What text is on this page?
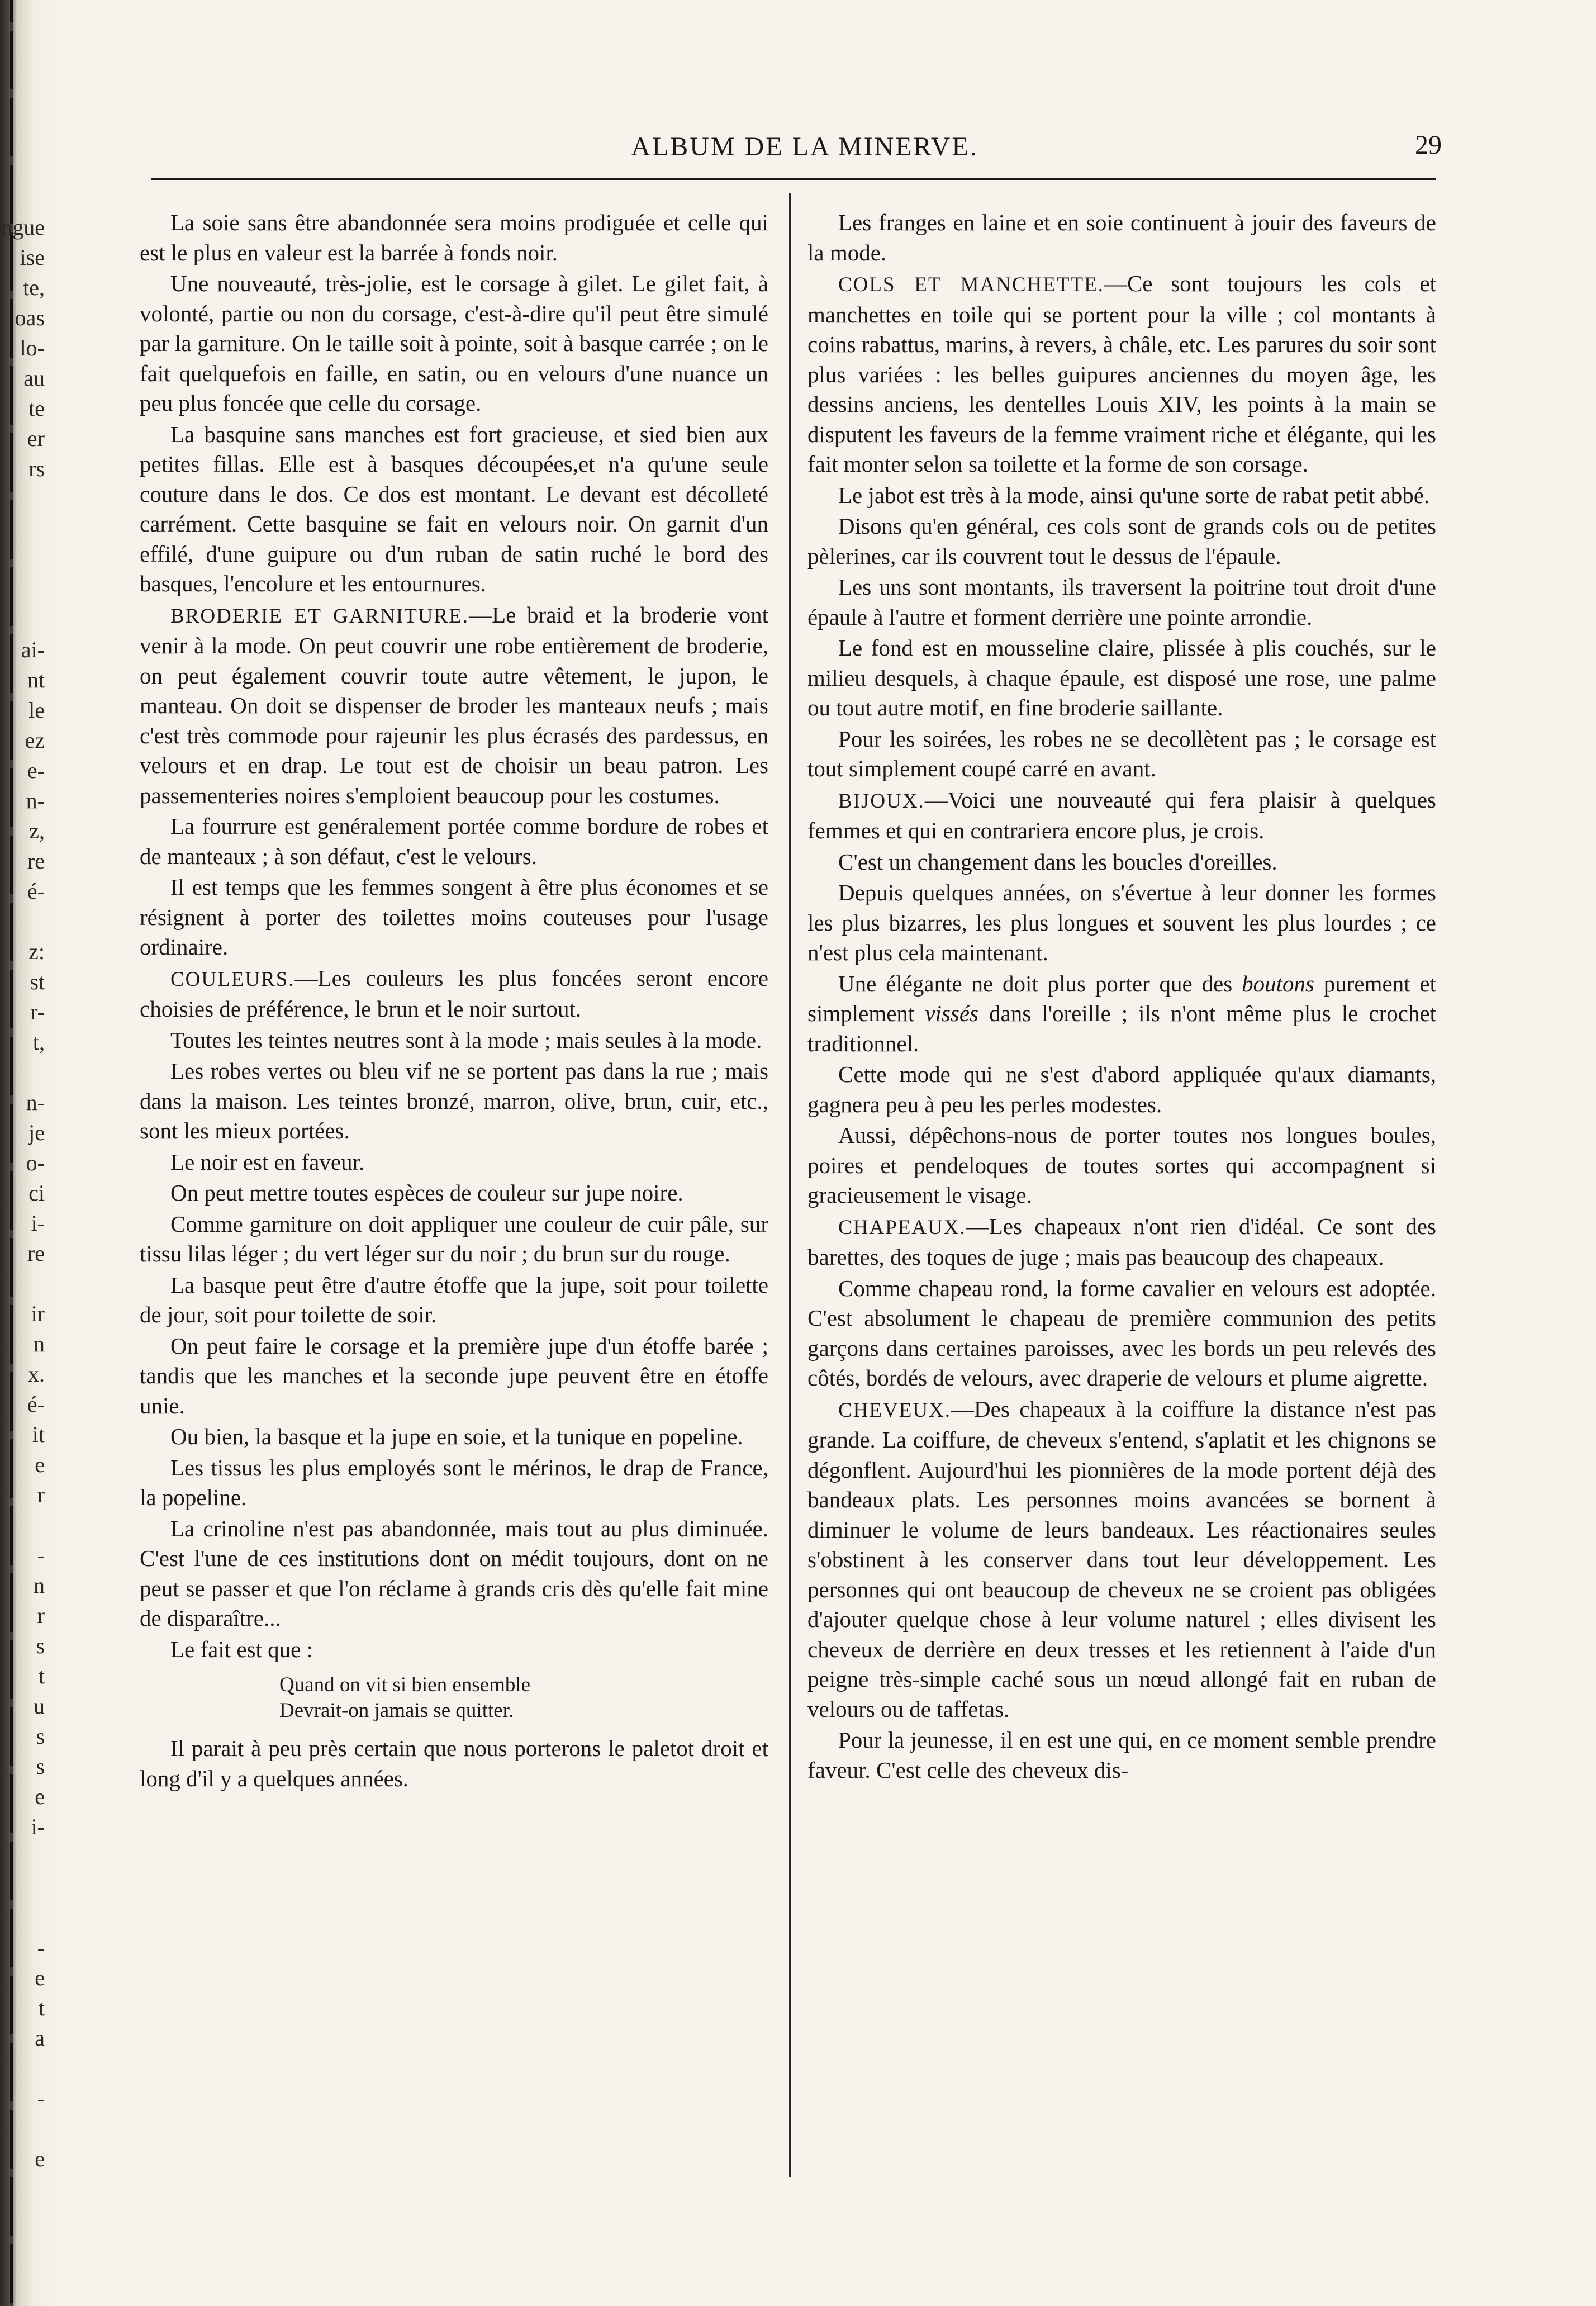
ngue
ise
te,
oas
lo-
au
te
er
rs
ai-
nt
le
ez
e-
n-
z,
re
é-
z:
st
r-
t,
n-
je
o-
ci
i-
re
ir
n
x.
é-
it
e
r
-
n
r
s
t
u
s
s
e
i-
-
e
t
a
-
e
ALBUM DE LA MINERVE.	29

La soie sans être abandonnée sera moins prodiguée et celle qui est le plus en valeur est la barrée à fonds noir.

Une nouveauté, très-jolie, est le corsage à gilet. Le gilet fait, à volonté, partie ou non du corsage, c'est-à-dire qu'il peut être simulé par la garniture. On le taille soit à pointe, soit à basque carrée ; on le fait quelquefois en faille, en satin, ou en velours d'une nuance un peu plus foncée que celle du corsage.

La basquine sans manches est fort gracieuse, et sied bien aux petites fillas. Elle est à basques découpées,et n'a qu'une seule couture dans le dos. Ce dos est montant. Le devant est décolleté carrément. Cette basquine se fait en velours noir. On garnit d'un effilé, d'une guipure ou d'un ruban de satin ruché le bord des basques, l'encolure et les entournures.

BRODERIE ET GARNITURE.—Le braid et la broderie vont venir à la mode. On peut couvrir une robe entièrement de broderie, on peut également couvrir toute autre vêtement, le jupon, le manteau. On doit se dispenser de broder les manteaux neufs ; mais c'est très commode pour rajeunir les plus écrasés des pardessus, en velours et en drap. Le tout est de choisir un beau patron. Les passementeries noires s'emploient beaucoup pour les costumes.

La fourrure est genéralement portée comme bordure de robes et de manteaux ; à son défaut, c'est le velours.

Il est temps que les femmes songent à être plus économes et se résignent à porter des toilettes moins couteuses pour l'usage ordinaire.

COULEURS.—Les couleurs les plus foncées seront encore choisies de préférence, le brun et le noir surtout.

Toutes les teintes neutres sont à la mode ; mais seules à la mode.

Les robes vertes ou bleu vif ne se portent pas dans la rue ; mais dans la maison. Les teintes bronzé, marron, olive, brun, cuir, etc., sont les mieux portées.

Le noir est en faveur.

On peut mettre toutes espèces de couleur sur jupe noire.

Comme garniture on doit appliquer une couleur de cuir pâle, sur tissu lilas léger ; du vert léger sur du noir ; du brun sur du rouge.

La basque peut être d'autre étoffe que la jupe, soit pour toilette de jour, soit pour toilette de soir.

On peut faire le corsage et la première jupe d'un étoffe barée ; tandis que les manches et la seconde jupe peuvent être en étoffe unie.

Ou bien, la basque et la jupe en soie, et la tunique en popeline.

Les tissus les plus employés sont le mérinos, le drap de France, la popeline.

La crinoline n'est pas abandonnée, mais tout au plus diminuée. C'est l'une de ces institutions dont on médit toujours, dont on ne peut se passer et que l'on réclame à grands cris dès qu'elle fait mine de disparaître...

Le fait est que :

Quand on vit si bien ensemble
Devrait-on jamais se quitter.

Il parait à peu près certain que nous porterons le paletot droit et long d'il y a quelques années.

Les franges en laine et en soie continuent à jouir des faveurs de la mode.

COLS ET MANCHETTE.—Ce sont toujours les cols et manchettes en toile qui se portent pour la ville ; col montants à coins rabattus, marins, à revers, à châle, etc. Les parures du soir sont plus variées : les belles guipures anciennes du moyen âge, les dessins anciens, les dentelles Louis XIV, les points à la main se disputent les faveurs de la femme vraiment riche et élégante, qui les fait monter selon sa toilette et la forme de son corsage.

Le jabot est très à la mode, ainsi qu'une sorte de rabat petit abbé.

Disons qu'en général, ces cols sont de grands cols ou de petites pèlerines, car ils couvrent tout le dessus de l'épaule.

Les uns sont montants, ils traversent la poitrine tout droit d'une épaule à l'autre et forment derrière une pointe arrondie.

Le fond est en mousseline claire, plissée à plis couchés, sur le milieu desquels, à chaque épaule, est disposé une rose, une palme ou tout autre motif, en fine broderie saillante.

Pour les soirées, les robes ne se decollètent pas ; le corsage est tout simplement coupé carré en avant.

BIJOUX.—Voici une nouveauté qui fera plaisir à quelques femmes et qui en contrariera encore plus, je crois.

C'est un changement dans les boucles d'oreilles.

Depuis quelques années, on s'évertue à leur donner les formes les plus bizarres, les plus longues et souvent les plus lourdes ; ce n'est plus cela maintenant.

Une élégante ne doit plus porter que des boutons purement et simplement vissés dans l'oreille ; ils n'ont même plus le crochet traditionnel.

Cette mode qui ne s'est d'abord appliquée qu'aux diamants, gagnera peu à peu les perles modestes.

Aussi, dépêchons-nous de porter toutes nos longues boules, poires et pendeloques de toutes sortes qui accompagnent si gracieusement le visage.

CHAPEAUX.—Les chapeaux n'ont rien d'idéal. Ce sont des barettes, des toques de juge ; mais pas beaucoup des chapeaux.

Comme chapeau rond, la forme cavalier en velours est adoptée. C'est absolument le chapeau de première communion des petits garçons dans certaines paroisses, avec les bords un peu relevés des côtés, bordés de velours, avec draperie de velours et plume aigrette.

CHEVEUX.—Des chapeaux à la coiffure la distance n'est pas grande. La coiffure, de cheveux s'entend, s'aplatit et les chignons se dégonflent. Aujourd'hui les pionnières de la mode portent déjà des bandeaux plats. Les personnes moins avancées se bornent à diminuer le volume de leurs bandeaux. Les réactionaires seules s'obstinent à les conserver dans tout leur développement. Les personnes qui ont beaucoup de cheveux ne se croient pas obligées d'ajouter quelque chose à leur volume naturel ; elles divisent les cheveux de derrière en deux tresses et les retiennent à l'aide d'un peigne très-simple caché sous un nœud allongé fait en ruban de velours ou de taffetas.

Pour la jeunesse, il en est une qui, en ce moment semble prendre faveur. C'est celle des cheveux dis-
